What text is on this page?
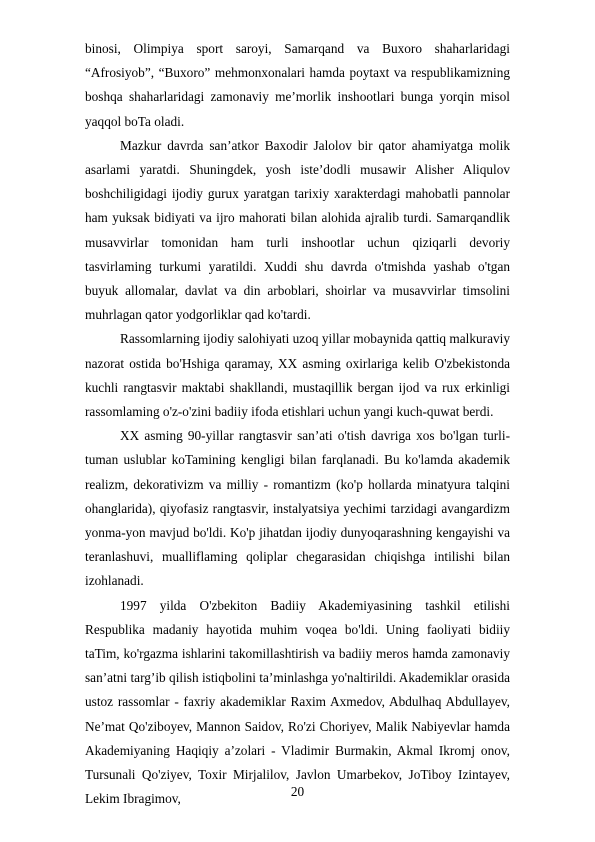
binosi, Olimpiya sport saroyi, Samarqand va Buxoro shaharlaridagi “Afrosiyob”, “Buxoro” mehmonxonalari hamda poytaxt va respublikamizning boshqa shaharlaridagi zamonaviy me’morlik inshootlari bunga yorqin misol yaqqol boTa oladi.

Mazkur davrda san’atkor Baxodir Jalolov bir qator ahamiyatga molik asarlami yaratdi. Shuningdek, yosh iste’dodli musawir Alisher Aliqulov boshchiligidagi ijodiy gurux yaratgan tarixiy xarakterdagi mahobatli pannolar ham yuksak bidiyati va ijro mahorati bilan alohida ajralib turdi. Samarqandlik musavvirlar tomonidan ham turli inshootlar uchun qiziqarli devoriy tasvirlaming turkumi yaratildi. Xuddi shu davrda o'tmishda yashab o'tgan buyuk allomalar, davlat va din arboblari, shoirlar va musavvirlar timsolini muhrlagan qator yodgorliklar qad ko'tardi.

Rassomlarning ijodiy salohiyati uzoq yillar mobaynida qattiq malkuraviy nazorat ostida bo'Hshiga qaramay, XX asming oxirlariga kelib O'zbekistonda kuchli rangtasvir maktabi shakllandi, mustaqillik bergan ijod va rux erkinligi rassomlaming o'z-o'zini badiiy ifoda etishlari uchun yangi kuch-quwat berdi.

XX asming 90-yillar rangtasvir san’ati o'tish davriga xos bo'lgan turli- tuman uslublar koTamining kengligi bilan farqlanadi. Bu ko'lamda akademik realizm, dekorativizm va milliy - romantizm (ko'p hollarda minatyura talqini ohanglarida), qiyofasiz rangtasvir, instalyatsiya yechimi tarzidagi avangardizm yonma-yon mavjud bo'ldi. Ko'p jihatdan ijodiy dunyoqarashning kengayishi va teranlashuvi, mualliflaming qoliplar chegarasidan chiqishga intilishi bilan izohlanadi.

1997 yilda O'zbekiton Badiiy Akademiyasining tashkil etilishi Respublika madaniy hayotida muhim voqea bo'ldi. Uning faoliyati bidiiy taTim, ko'rgazma ishlarini takomillashtirish va badiiy meros hamda zamonaviy san’atni targ’ib qilish istiqbolini ta’minlashga yo'naltirildi. Akademiklar orasida ustoz rassomlar - faxriy akademiklar Raxim Axmedov, Abdulhaq Abdullayev, Ne’mat Qo'ziboyev, Mannon Saidov, Ro'zi Choriyev, Malik Nabiyevlar hamda Akademiyaning Haqiqiy a’zolari - Vladimir Burmakin, Akmal Ikromj onov, Tursunali Qo'ziyev, Toxir Mirjalilov, Javlon Umarbekov, JoTiboy Izintayev, Lekim Ibragimov,	20
